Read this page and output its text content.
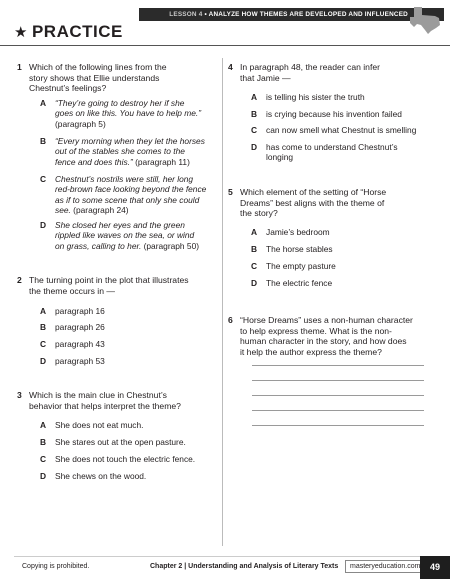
LESSON 4 • ANALYZE HOW THEMES ARE DEVELOPED AND INFLUENCED
★ PRACTICE
1 Which of the following lines from the
story shows that Ellie understands
Chestnut’s feelings?
A “They’re going to destroy her if she
goes on like this. You have to help me.”
(paragraph 5)
B “Every morning when they let the horses
out of the stables she comes to the
fence and does this.” (paragraph 11)
C Chestnut’s nostrils were still, her long
red-brown face looking beyond the fence
as if to some scene that only she could
see. (paragraph 24)
D She closed her eyes and the green
rippled like waves on the sea, or wind
on grass, calling to her. (paragraph 50)
2 The turning point in the plot that illustrates
the theme occurs in —
A paragraph 16
B paragraph 26
C paragraph 43
D paragraph 53
3 Which is the main clue in Chestnut’s
behavior that helps interpret the theme?
A She does not eat much.
B She stares out at the open pasture.
C She does not touch the electric fence.
D She chews on the wood.
4 In paragraph 48, the reader can infer
that Jamie —
A is telling his sister the truth
B is crying because his invention failed
C can now smell what Chestnut is smelling
D has come to understand Chestnut’s
longing
5 Which element of the setting of “Horse
Dreams” best aligns with the theme of
the story?
A Jamie’s bedroom
B The horse stables
C The empty pasture
D The electric fence
6 “Horse Dreams” uses a non-human character
to help express theme. What is the non-
human character in the story, and how does
it help the author express the theme?
Copying is prohibited.	Chapter 2 | Understanding and Analysis of Literary Texts	masteryeducation.com	49
